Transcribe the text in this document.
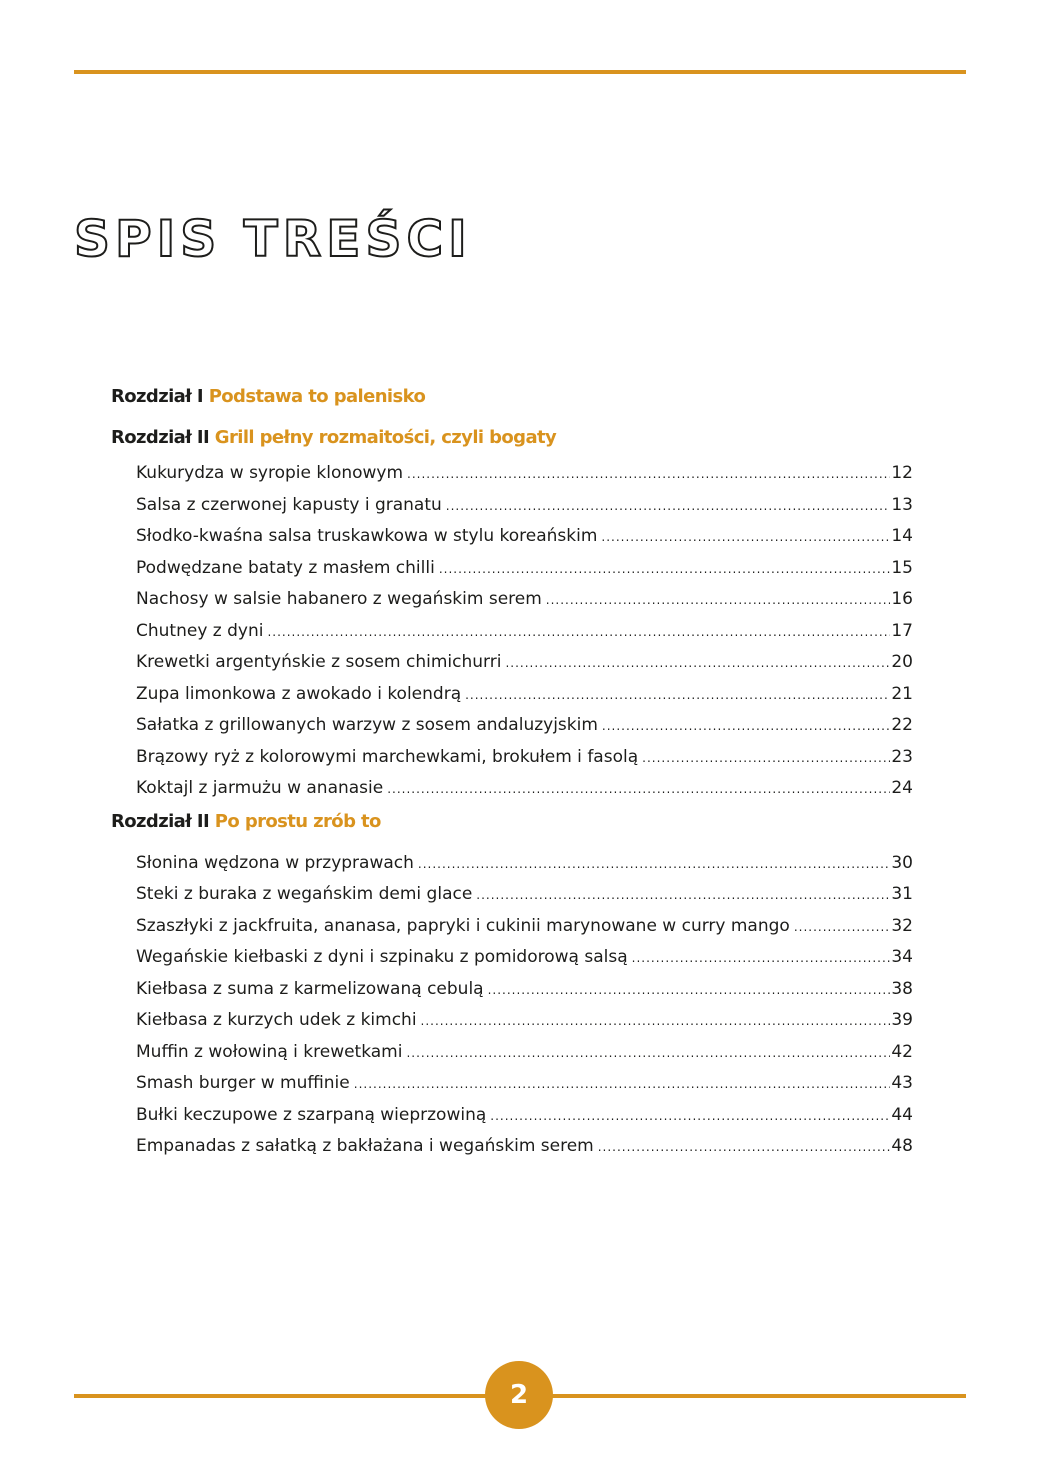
SPIS TREŚCI
Rozdział I Podstawa to palenisko
Rozdział II Grill pełny rozmaitości, czyli bogaty
Kukurydza w syropie klonowym .....	12
Salsa z czerwonej kapusty i granatu .....	13
Słodko-kwaśna salsa truskawkowa w stylu koreańskim .....	14
Podwędzane bataty z masłem chilli .....	15
Nachosy w salsie habanero z wegańskim serem .....	16
Chutney z dyni .....	17
Krewetki argentyńskie z sosem chimichurri .....	20
Zupa limonkowa z awokado i kolendrą .....	21
Sałatka z grillowanych warzyw z sosem andaluzyjskim .....	22
Brązowy ryż z kolorowymi marchewkami, brokułem i fasolą .....	23
Koktajl z jarmużu w ananasie .....	24
Rozdział II Po prostu zrób to
Słonina wędzona w przyprawach .....	30
Steki z buraka z wegańskim demi glace .....	31
Szaszłyki z jackfruita, ananasa, papryki i cukinii marynowane w curry mango .....	32
Wegańskie kiełbaski z dyni i szpinaku z pomidorową salsą .....	34
Kiełbasa z suma z karmelizowaną cebulą .....	38
Kiełbasa z kurzych udek z kimchi .....	39
Muffin z wołowiną i krewetkami .....	42
Smash burger w muffinie .....	43
Bułki keczupowe z szarpaną wieprzowiną .....	44
Empanadas z sałatką z bakłażana i wegańskim serem .....	48
2
